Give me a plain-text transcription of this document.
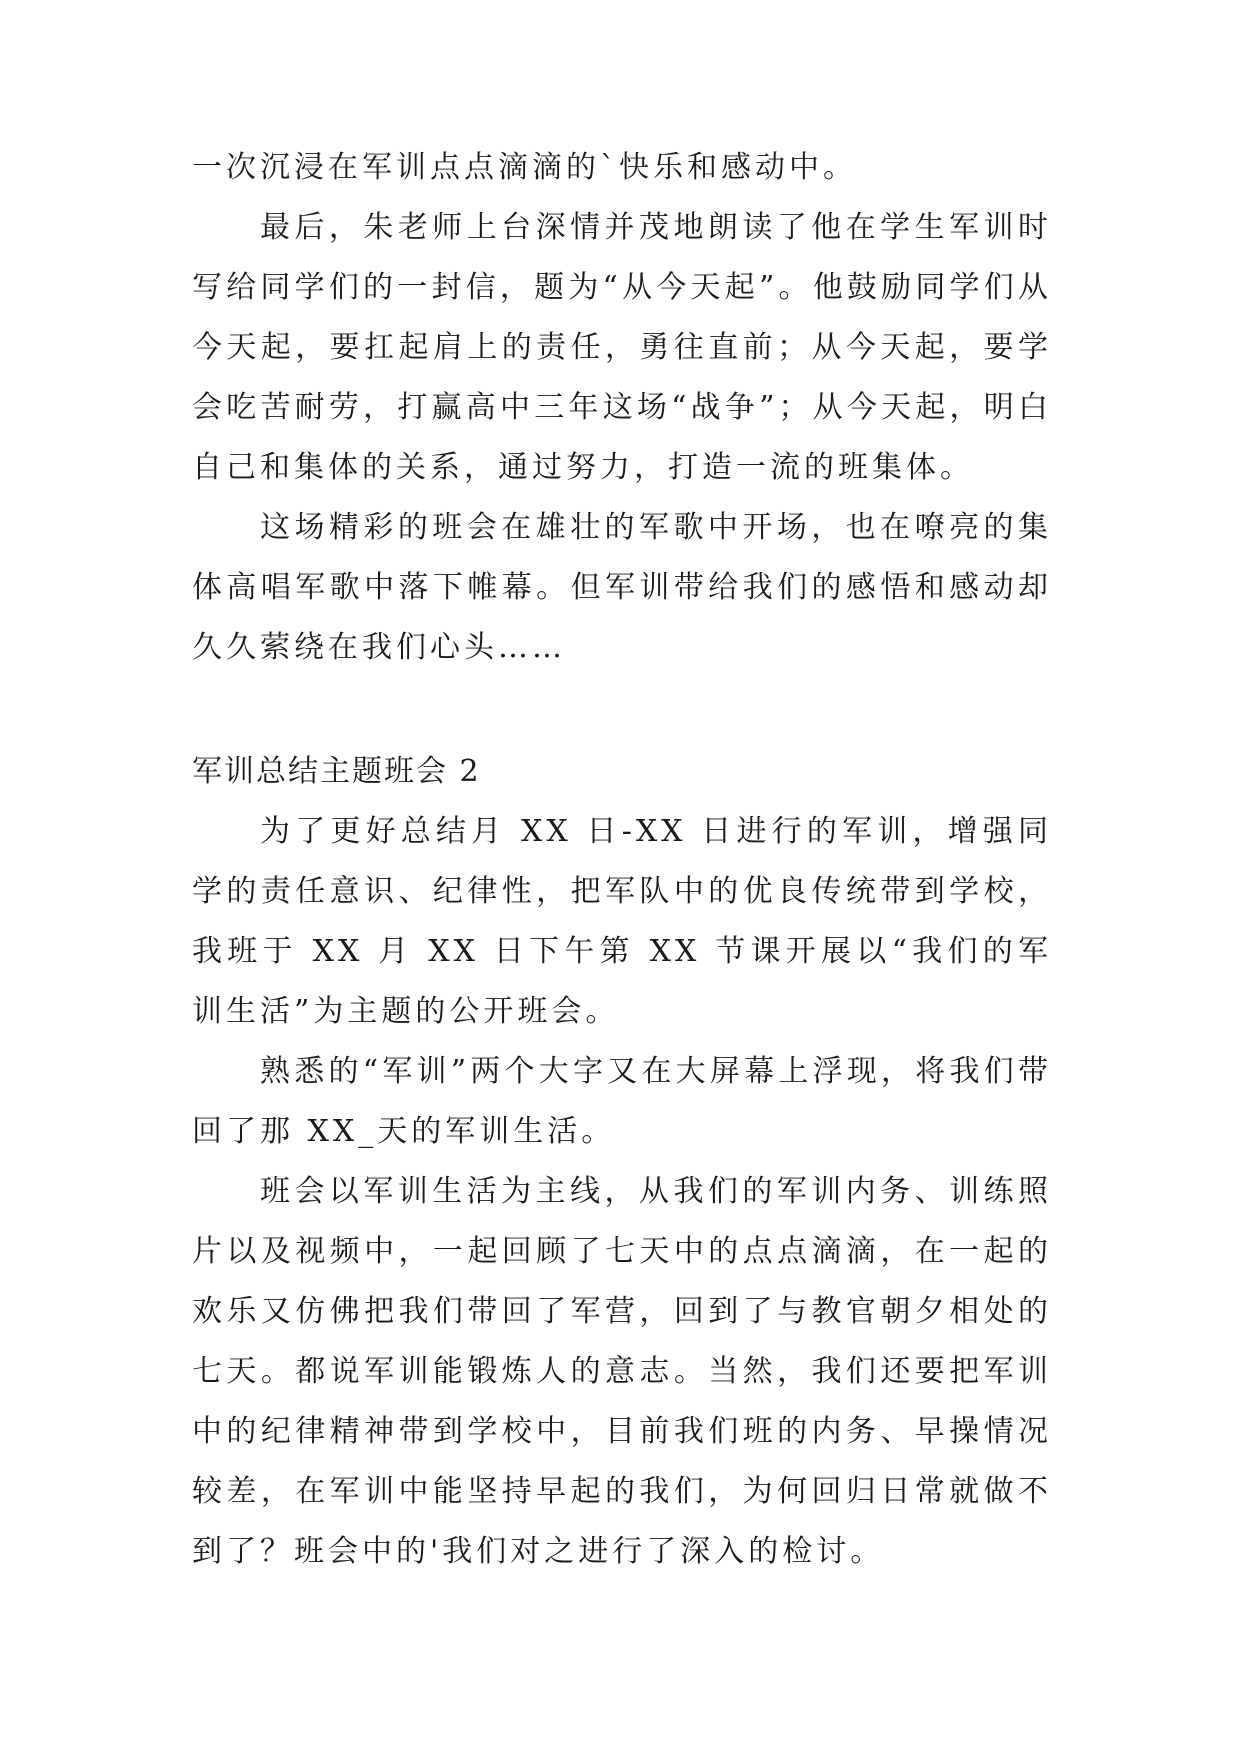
一次沉浸在军训点点滴滴的`快乐和感动中。

最后，朱老师上台深情并茂地朗读了他在学生军训时写给同学们的一封信，题为“从今天起”。他鼓励同学们从今天起，要扛起肩上的责任，勇往直前；从今天起，要学会吃苦耐劳，打赢高中三年这场“战争”；从今天起，明白自己和集体的关系，通过努力，打造一流的班集体。

这场精彩的班会在雄壮的军歌中开场，也在嘹亮的集体高唱军歌中落下帷幕。但军训带给我们的感悟和感动却久久萦绕在我们心头……

军训总结主题班会 2

为了更好总结月 XX 日-XX 日进行的军训，增强同学的责任意识、纪律性，把军队中的优良传统带到学校，我班于 XX 月 XX 日下午第 XX 节课开展以“我们的军训生活”为主题的公开班会。

熟悉的“军训”两个大字又在大屏幕上浮现，将我们带回了那 XX_天的军训生活。

班会以军训生活为主线，从我们的军训内务、训练照片以及视频中，一起回顾了七天中的点点滴滴，在一起的欢乐又仿佛把我们带回了军营，回到了与教官朝夕相处的七天。都说军训能锻炼人的意志。当然，我们还要把军训中的纪律精神带到学校中，目前我们班的内务、早操情况较差，在军训中能坚持早起的我们，为何回归日常就做不到了？班会中的'我们对之进行了深入的检讨。
